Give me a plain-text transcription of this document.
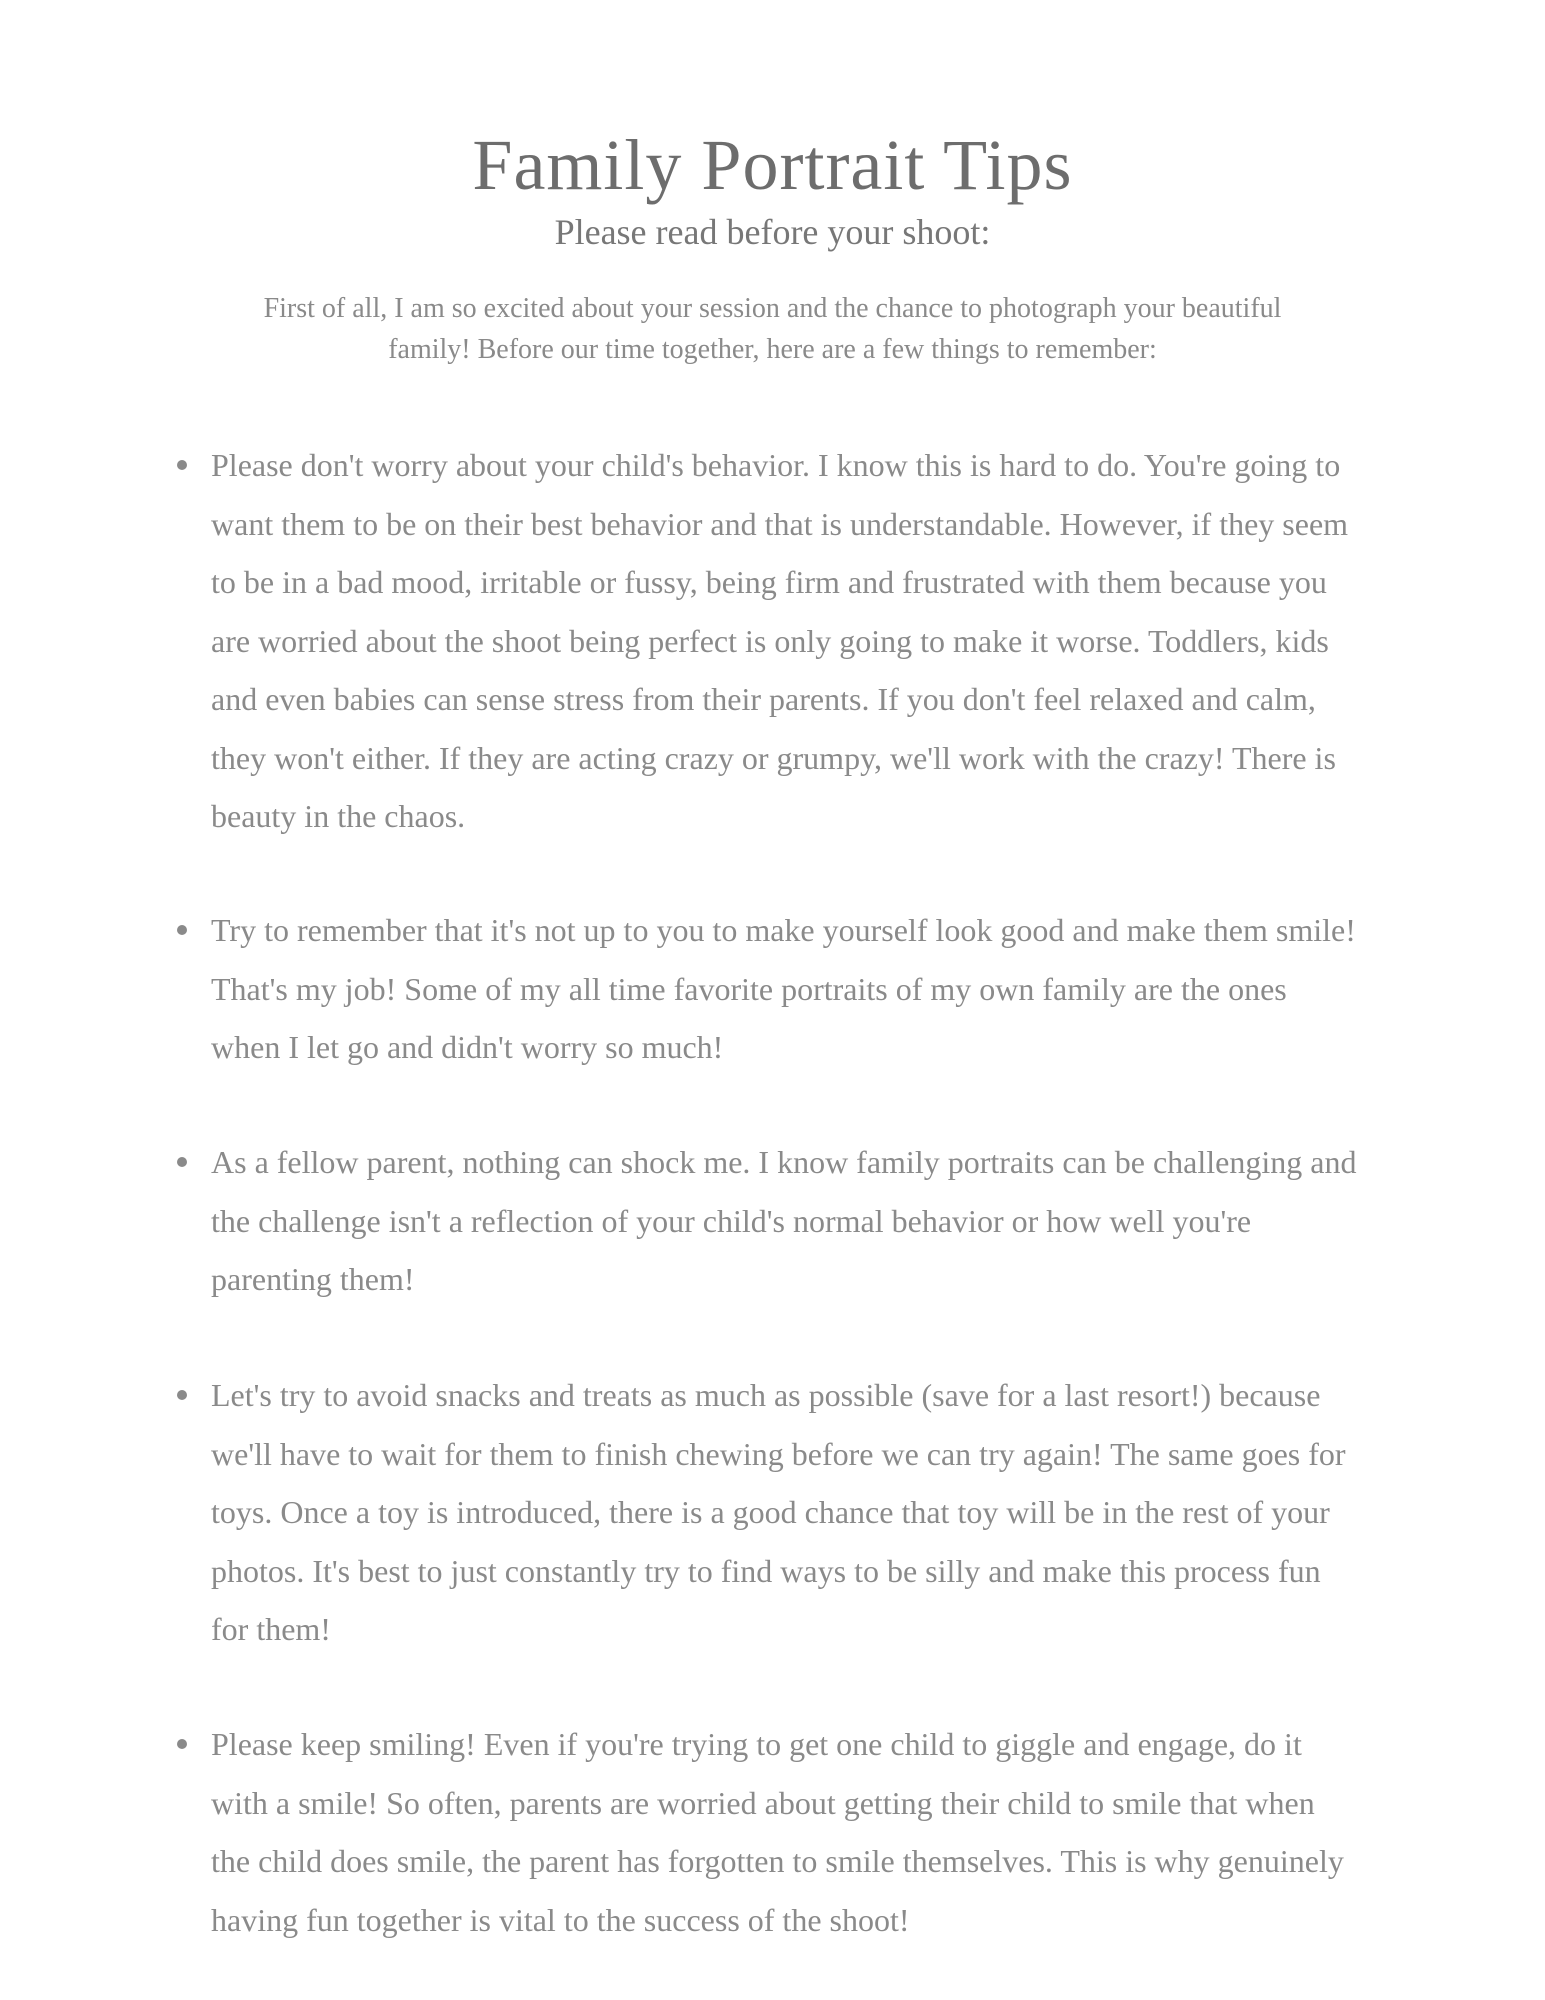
Family Portrait Tips
Please read before your shoot:

First of all, I am so excited about your session and the chance to photograph your beautiful family! Before our time together, here are a few things to remember:

Please don't worry about your child's behavior. I know this is hard to do. You're going to want them to be on their best behavior and that is understandable. However, if they seem to be in a bad mood, irritable or fussy, being firm and frustrated with them because you are worried about the shoot being perfect is only going to make it worse. Toddlers, kids and even babies can sense stress from their parents. If you don't feel relaxed and calm, they won't either. If they are acting crazy or grumpy, we'll work with the crazy! There is beauty in the chaos.
Try to remember that it's not up to you to make yourself look good and make them smile! That's my job! Some of my all time favorite portraits of my own family are the ones when I let go and didn't worry so much!
As a fellow parent, nothing can shock me. I know family portraits can be challenging and the challenge isn't a reflection of your child's normal behavior or how well you're parenting them!
Let's try to avoid snacks and treats as much as possible (save for a last resort!) because we'll have to wait for them to finish chewing before we can try again! The same goes for toys. Once a toy is introduced, there is a good chance that toy will be in the rest of your photos. It's best to just constantly try to find ways to be silly and make this process fun for them!
Please keep smiling! Even if you're trying to get one child to giggle and engage, do it with a smile! So often, parents are worried about getting their child to smile that when the child does smile, the parent has forgotten to smile themselves. This is why genuinely having fun together is vital to the success of the shoot!
